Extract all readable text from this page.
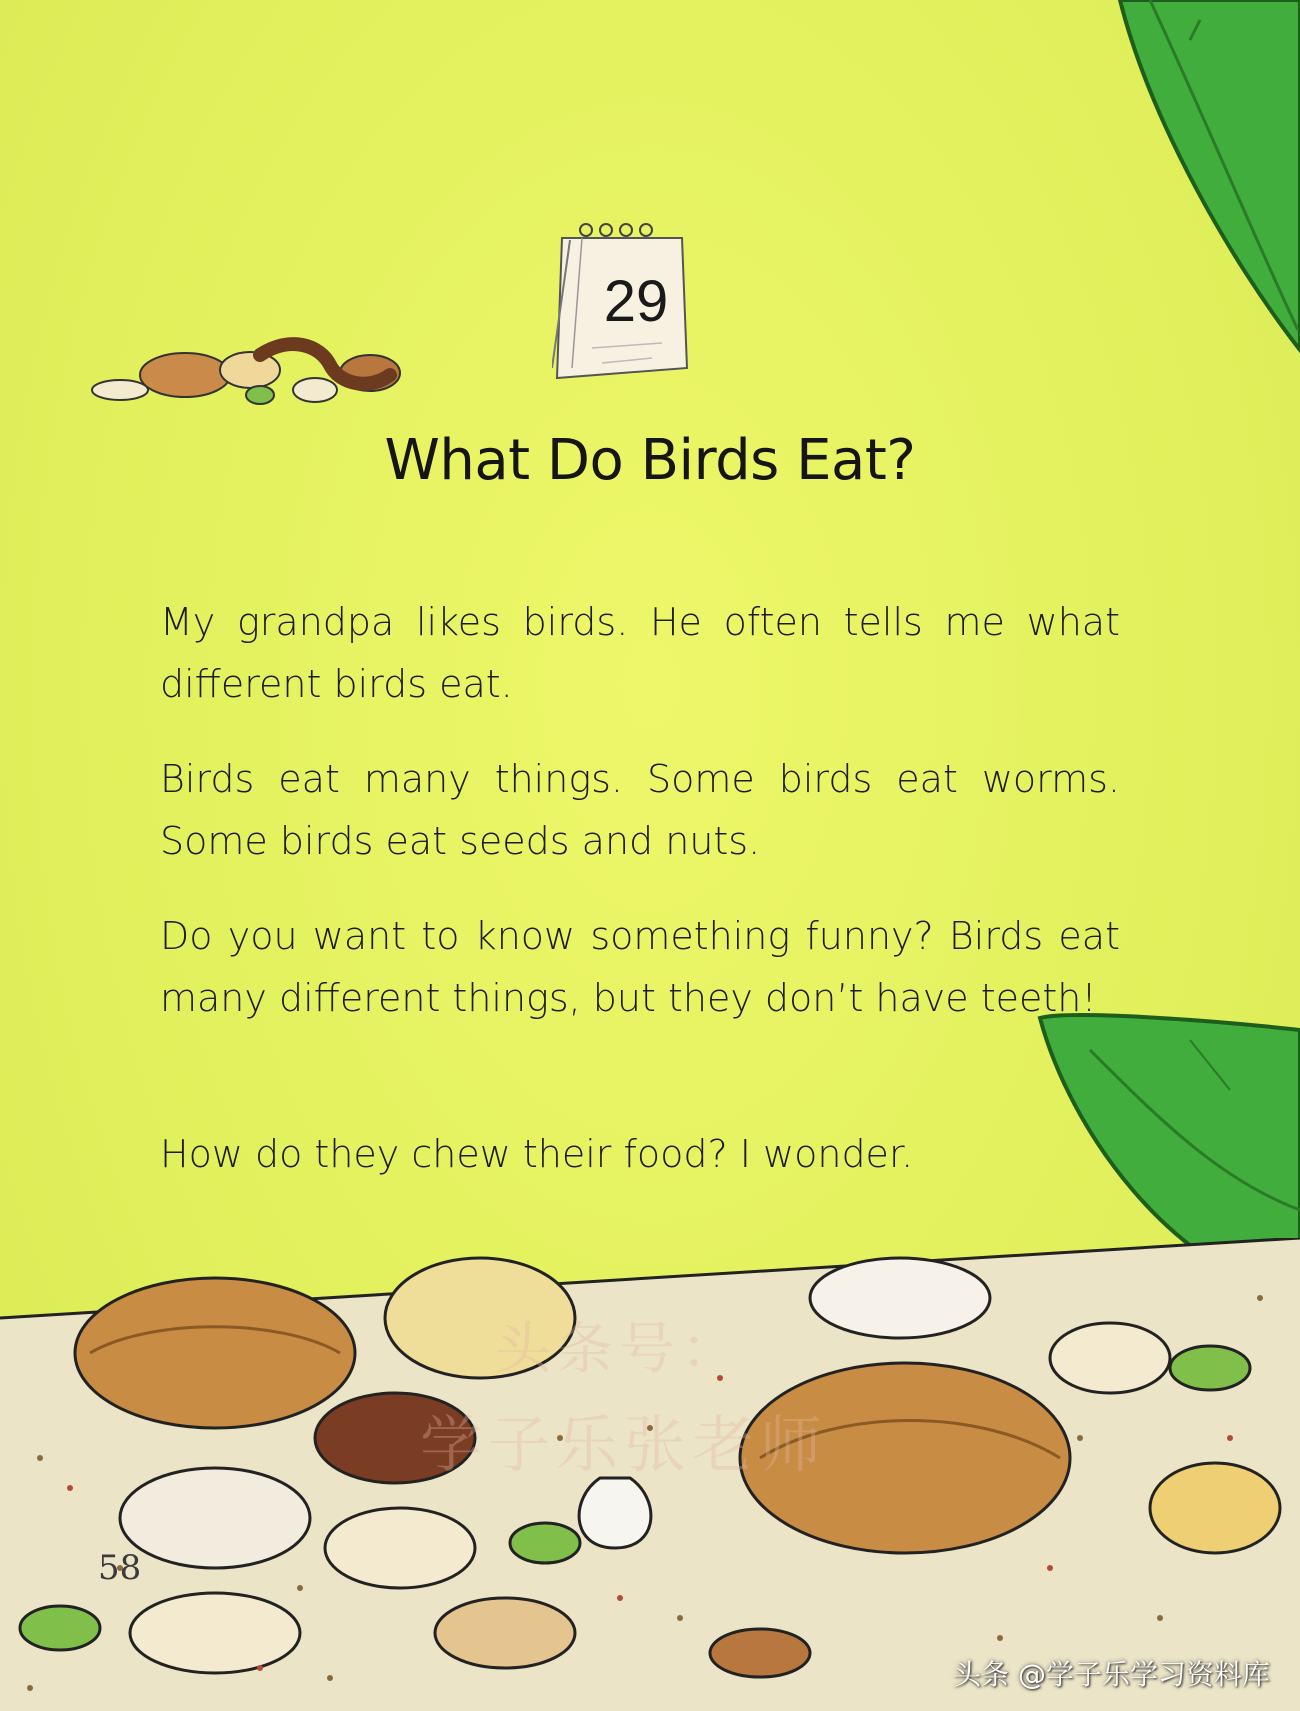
29
What Do Birds Eat?

My grandpa likes birds. He often tells me what different birds eat.

Birds eat many things. Some birds eat worms. Some birds eat seeds and nuts.

Do you want to know something funny? Birds eat many different things, but they don’t have teeth!

How do they chew their food? I wonder.

头条号：
学子乐张老师
58
头条 @学子乐学习资料库
